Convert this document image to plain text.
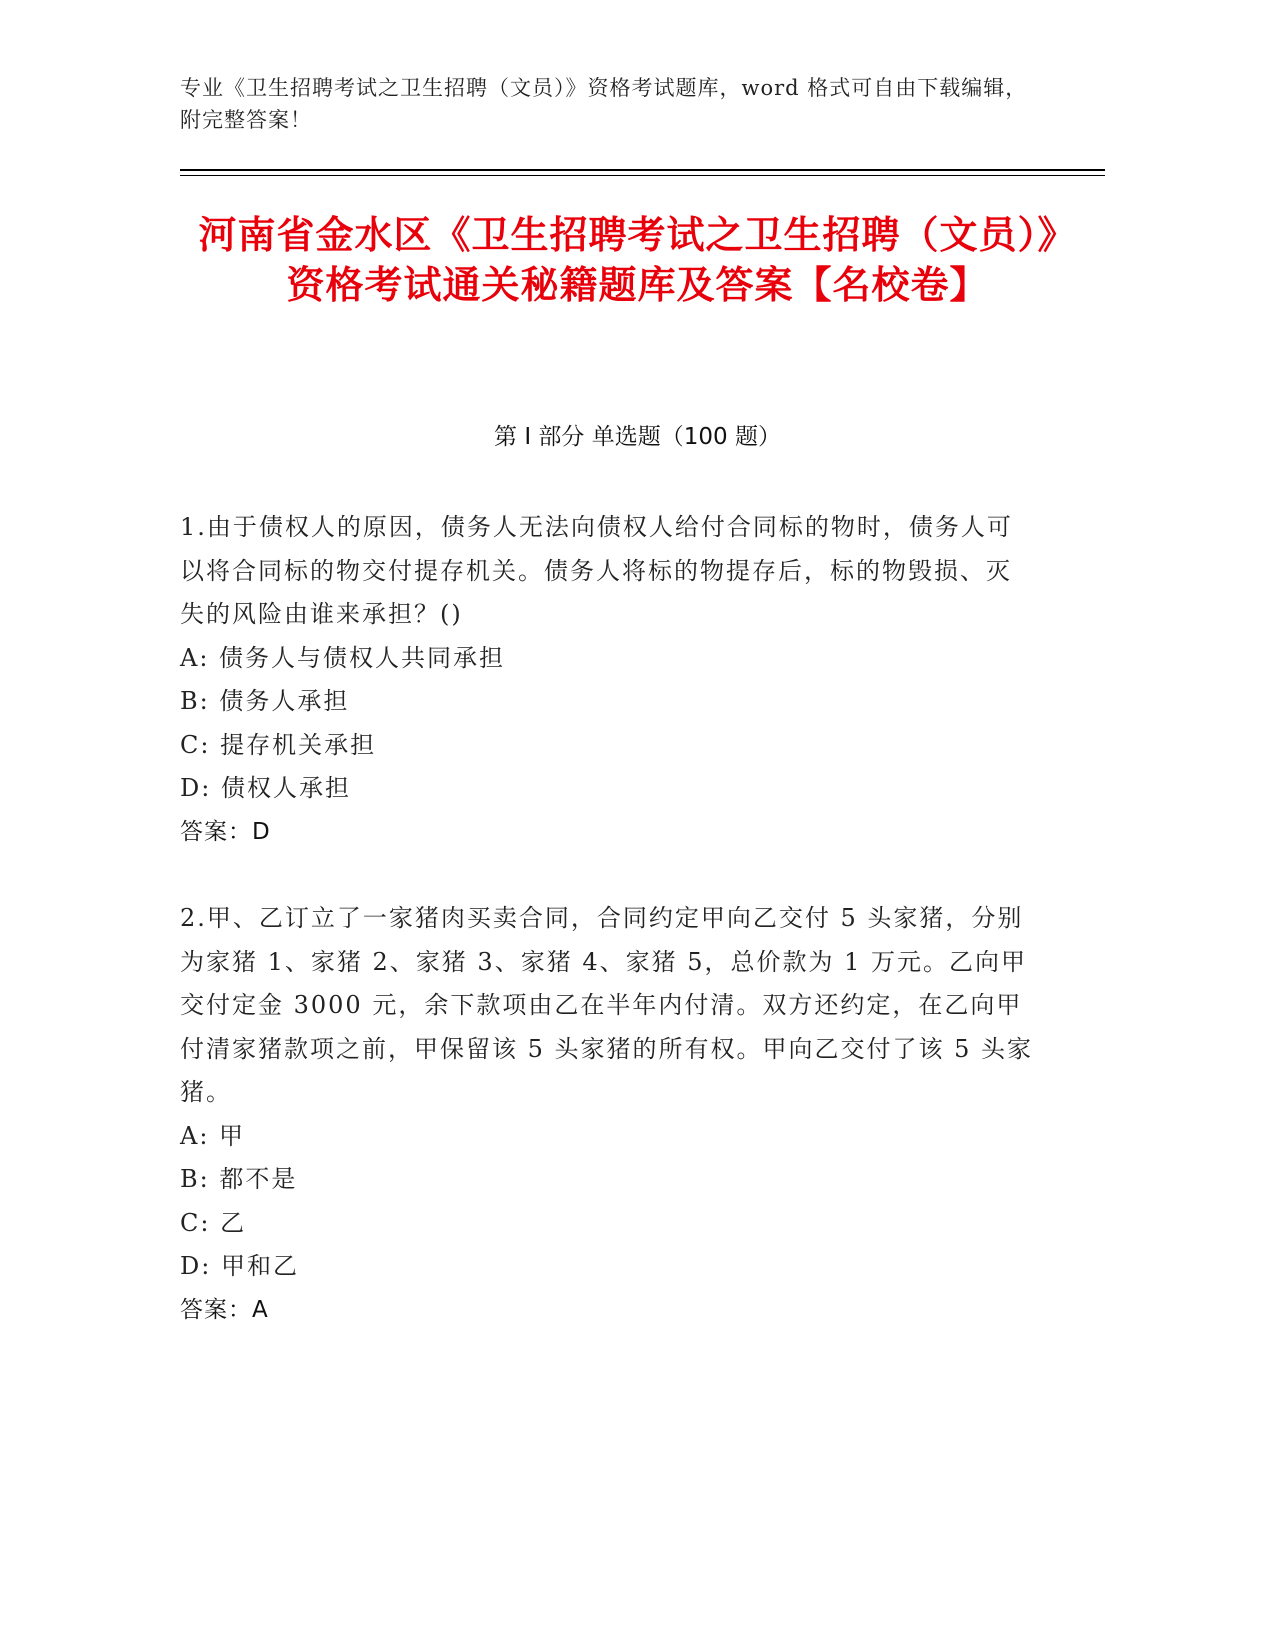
专业《卫生招聘考试之卫生招聘（文员）》资格考试题库，word 格式可自由下载编辑，附完整答案！
河南省金水区《卫生招聘考试之卫生招聘（文员）》资格考试通关秘籍题库及答案【名校卷】
第 I 部分 单选题（100 题）
1.由于债权人的原因，债务人无法向债权人给付合同标的物时，债务人可以将合同标的物交付提存机关。债务人将标的物提存后，标的物毁损、灭失的风险由谁来承担？()
A: 债务人与债权人共同承担
B: 债务人承担
C: 提存机关承担
D: 债权人承担
答案：D
2.甲、乙订立了一家猪肉买卖合同，合同约定甲向乙交付 5 头家猪，分别为家猪 1、家猪 2、家猪 3、家猪 4、家猪 5，总价款为 1 万元。乙向甲交付定金 3000 元，余下款项由乙在半年内付清。双方还约定，在乙向甲付清家猪款项之前，甲保留该 5 头家猪的所有权。甲向乙交付了该 5 头家猪。
A: 甲
B: 都不是
C: 乙
D: 甲和乙
答案：A
